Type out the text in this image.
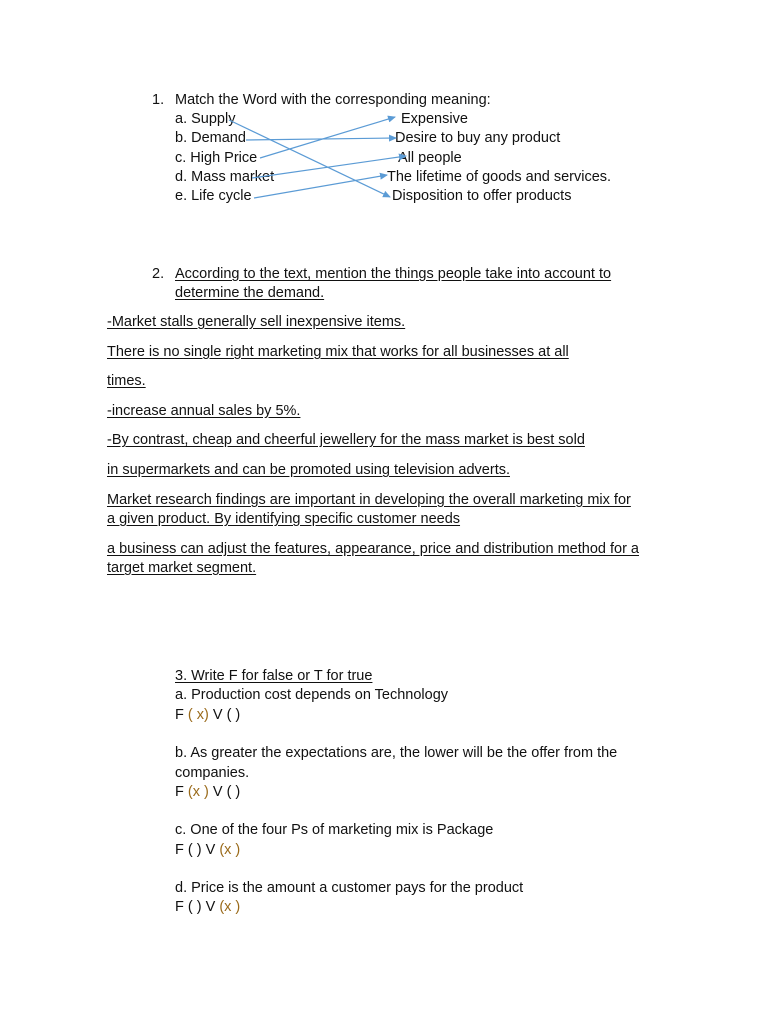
1. Match the Word with the corresponding meaning:
a. Supply
b. Demand
c. High Price
d. Mass market
e. Life cycle
Expensive
Desire to buy any product
All people
The lifetime of goods and services.
Disposition to offer products
2. According to the text, mention the things people take into account to
determine the demand.
-Market stalls generally sell inexpensive items.
There is no single right marketing mix that works for all businesses at all
times.
-increase annual sales by 5%.
-By contrast, cheap and cheerful jewellery for the mass market is best sold
in supermarkets and can be promoted using television adverts.
Market research findings are important in developing the overall marketing mix for
a given product. By identifying specific customer needs
a business can adjust the features, appearance, price and distribution method for a
target market segment.
3. Write F for false or T for true
a. Production cost depends on Technology
F ( x) V ( )
b. As greater the expectations are, the lower will be the offer from the
companies.
F (x ) V ( )
c. One of the four Ps of marketing mix is Package
F ( ) V (x )
d. Price is the amount a customer pays for the product
F ( ) V (x )
